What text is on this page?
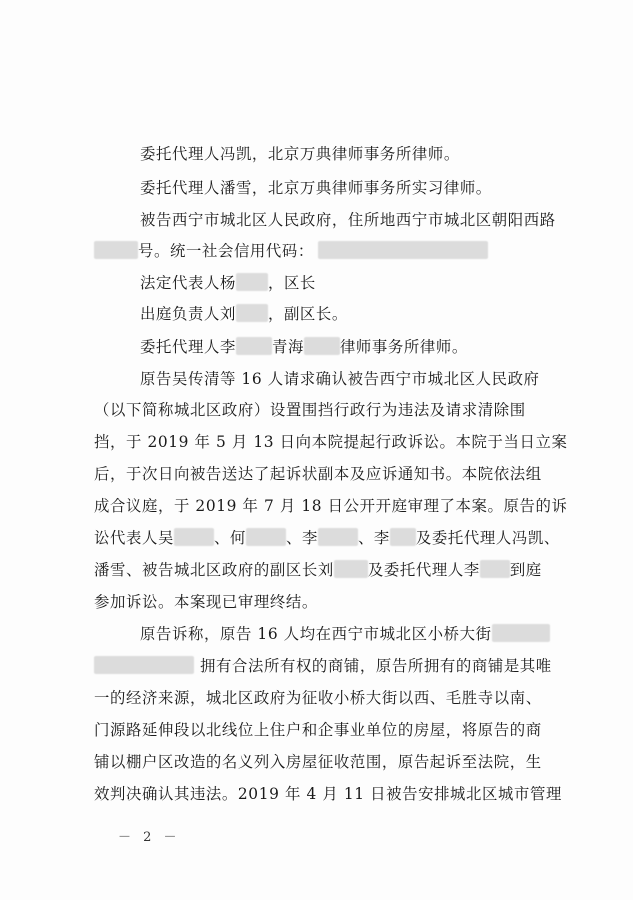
委托代理人冯凯，北京万典律师事务所律师。
委托代理人潘雪，北京万典律师事务所实习律师。
被告西宁市城北区人民政府，住所地西宁市城北区朝阳西路
号。统一社会信用代码：
法定代表人杨 ，区长
出庭负责人刘 ，副区长。
委托代理人李 青海 律师事务所律师。
原告吴传清等 16 人请求确认被告西宁市城北区人民政府
（以下简称城北区政府）设置围挡行政行为违法及请求清除围
挡，于 2019 年 5 月 13 日向本院提起行政诉讼。本院于当日立案
后，于次日向被告送达了起诉状副本及应诉通知书。本院依法组
成合议庭，于 2019 年 7 月 18 日公开开庭审理了本案。原告的诉
讼代表人吴	、何	、李	、李 及委托代理人冯凯、
潘雪、被告城北区政府的副区长刘 及委托代理人李 到庭
参加诉讼。本案现已审理终结。
原告诉称，原告 16 人均在西宁市城北区小桥大街
拥有合法所有权的商铺，原告所拥有的商铺是其唯
一的经济来源，城北区政府为征收小桥大街以西、毛胜寺以南、
门源路延伸段以北线位上住户和企事业单位的房屋，将原告的商
铺以棚户区改造的名义列入房屋征收范围，原告起诉至法院，生
效判决确认其违法。2019 年 4 月 11 日被告安排城北区城市管理
－ 2 －
